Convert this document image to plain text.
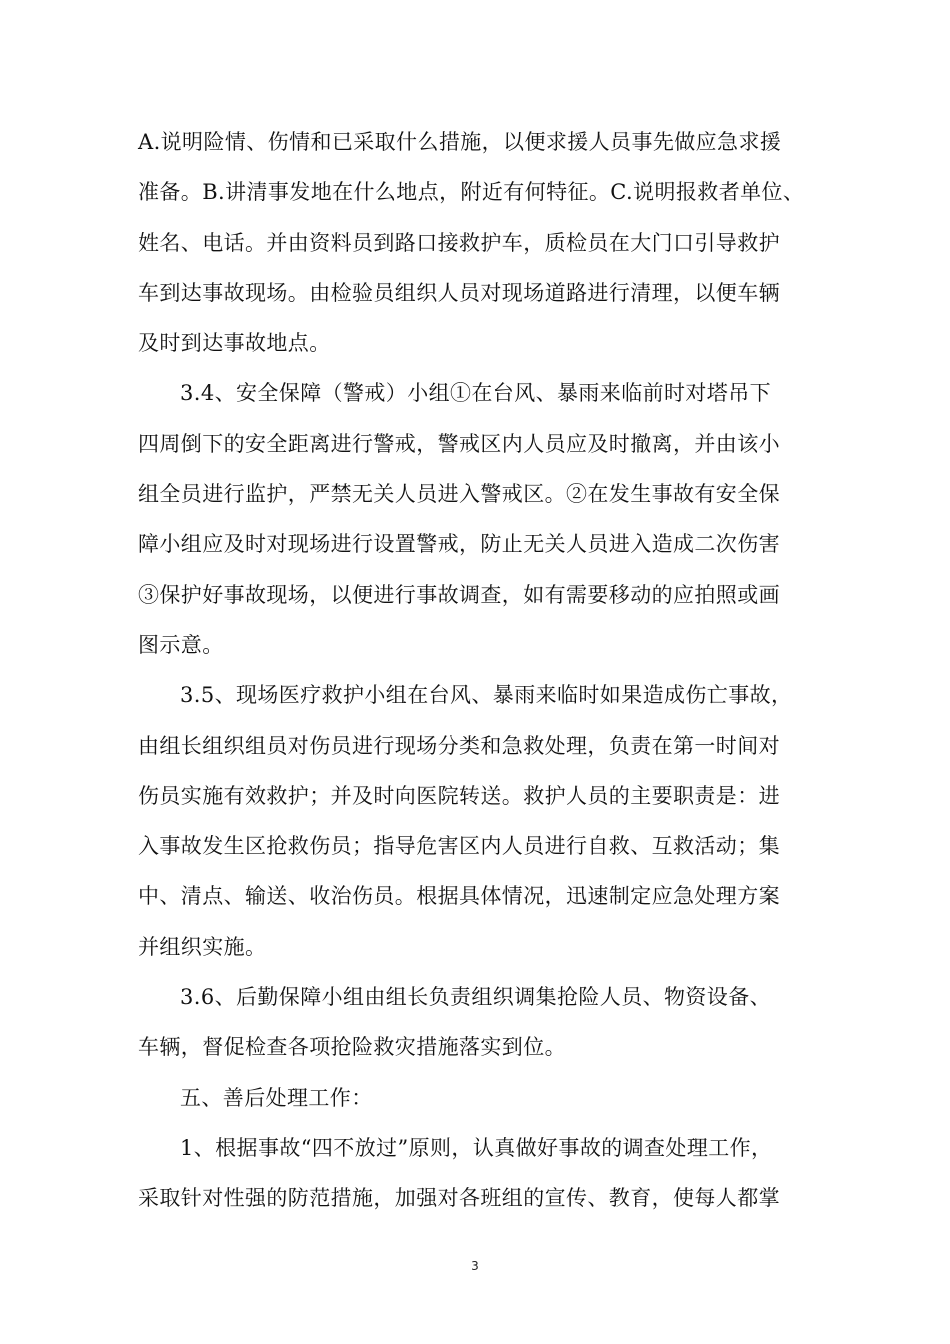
A.说明险情、伤情和已采取什么措施，以便求援人员事先做应急求援
准备。B.讲清事发地在什么地点，附近有何特征。C.说明报救者单位、
姓名、电话。并由资料员到路口接救护车，质检员在大门口引导救护
车到达事故现场。由检验员组织人员对现场道路进行清理，以便车辆
及时到达事故地点。
3.4、安全保障（警戒）小组①在台风、暴雨来临前时对塔吊下
四周倒下的安全距离进行警戒，警戒区内人员应及时撤离，并由该小
组全员进行监护，严禁无关人员进入警戒区。②在发生事故有安全保
障小组应及时对现场进行设置警戒，防止无关人员进入造成二次伤害
③保护好事故现场，以便进行事故调查，如有需要移动的应拍照或画
图示意。
3.5、现场医疗救护小组在台风、暴雨来临时如果造成伤亡事故，
由组长组织组员对伤员进行现场分类和急救处理，负责在第一时间对
伤员实施有效救护；并及时向医院转送。救护人员的主要职责是：进
入事故发生区抢救伤员；指导危害区内人员进行自救、互救活动；集
中、清点、输送、收治伤员。根据具体情况，迅速制定应急处理方案
并组织实施。
3.6、后勤保障小组由组长负责组织调集抢险人员、物资设备、
车辆，督促检查各项抢险救灾措施落实到位。
五、善后处理工作：
1、根据事故“四不放过”原则，认真做好事故的调查处理工作，
采取针对性强的防范措施，加强对各班组的宣传、教育，使每人都掌
3
